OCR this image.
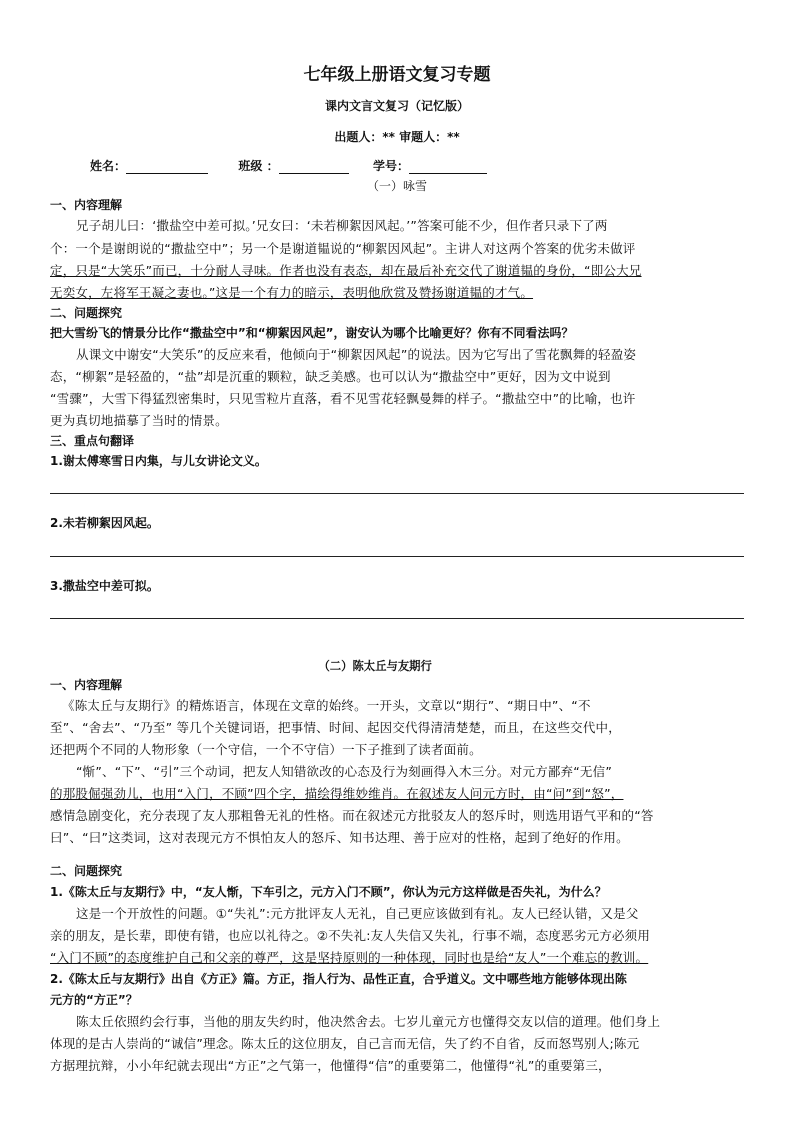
七年级上册语文复习专题
课内文言文复习（记忆版）
出题人：** 审题人：**
姓名：	班级 ：	学号：
（一）咏雪
一、内容理解
兄子胡儿曰：‘撒盐空中差可拟。’兄女曰：‘未若柳絮因风起。’”答案可能不少，但作者只录下了两
个：一个是谢朗说的“撒盐空中”；另一个是谢道韫说的“柳絮因风起”。主讲人对这两个答案的优劣未做评
定，只是“大笑乐”而已，十分耐人寻味。作者也没有表态，却在最后补充交代了谢道韫的身份，“即公大兄
无奕女，左将军王凝之妻也。”这是一个有力的暗示，表明他欣赏及赞扬谢道韫的才气。
二、问题探究
把大雪纷飞的情景分比作“撒盐空中”和“柳絮因风起”，谢安认为哪个比喻更好？你有不同看法吗？
从课文中谢安“大笑乐”的反应来看，他倾向于“柳絮因风起”的说法。因为它写出了雪花飘舞的轻盈姿
态，“柳絮”是轻盈的，“盐”却是沉重的颗粒，缺乏美感。也可以认为“撒盐空中”更好，因为文中说到
“雪骤”，大雪下得猛烈密集时，只见雪粒片直落，看不见雪花轻飘曼舞的样子。“撒盐空中”的比喻，也许
更为真切地描摹了当时的情景。
三、重点句翻译
1.谢太傅寒雪日内集，与儿女讲论文义。
2.未若柳絮因风起。
3.撒盐空中差可拟。
（二）陈太丘与友期行
一、内容理解
《陈太丘与友期行》的精炼语言，体现在文章的始终。一开头，文章以“期行”、“期日中”、“不
至”、“舍去”、“乃至” 等几个关键词语，把事情、时间、起因交代得清清楚楚，而且，在这些交代中，
还把两个不同的人物形象（一个守信，一个不守信）一下子推到了读者面前。
“惭”、“下”、“引”三个动词，把友人知错欲改的心态及行为刻画得入木三分。对元方鄙弃“无信”
的那股倔强劲儿，也用“入门，不顾”四个字，描绘得维妙维肖。在叙述友人问元方时，由“问”到“怒”，
感情急剧变化，充分表现了友人那粗鲁无礼的性格。而在叙述元方批驳友人的怒斥时，则选用语气平和的“答
曰”、“曰”这类词，这对表现元方不惧怕友人的怒斥、知书达理、善于应对的性格，起到了绝好的作用。
二、问题探究
1.《陈太丘与友期行》中，“友人惭，下车引之，元方入门不顾”，你认为元方这样做是否失礼，为什么？
这是一个开放性的问题。①“失礼”:元方批评友人无礼，自己更应该做到有礼。友人已经认错，又是父
亲的朋友，是长辈，即使有错，也应以礼待之。②不失礼:友人失信又失礼，行事不端，态度恶劣元方必须用
“入门不顾”的态度维护自己和父亲的尊严，这是坚持原则的一种体现，同时也是给“友人”一个难忘的教训。
2.《陈太丘与友期行》出自《方正》篇。方正，指人行为、品性正直，合乎道义。文中哪些地方能够体现出陈
元方的“方正”？
陈太丘依照约会行事，当他的朋友失约时，他决然舍去。七岁儿童元方也懂得交友以信的道理。他们身上
体现的是古人崇尚的“诚信”理念。陈太丘的这位朋友，自己言而无信，失了约不自省，反而怒骂别人;陈元
方据理抗辩，小小年纪就去现出“方正”之气第一，他懂得“信”的重要第二，他懂得“礼”的重要第三，
